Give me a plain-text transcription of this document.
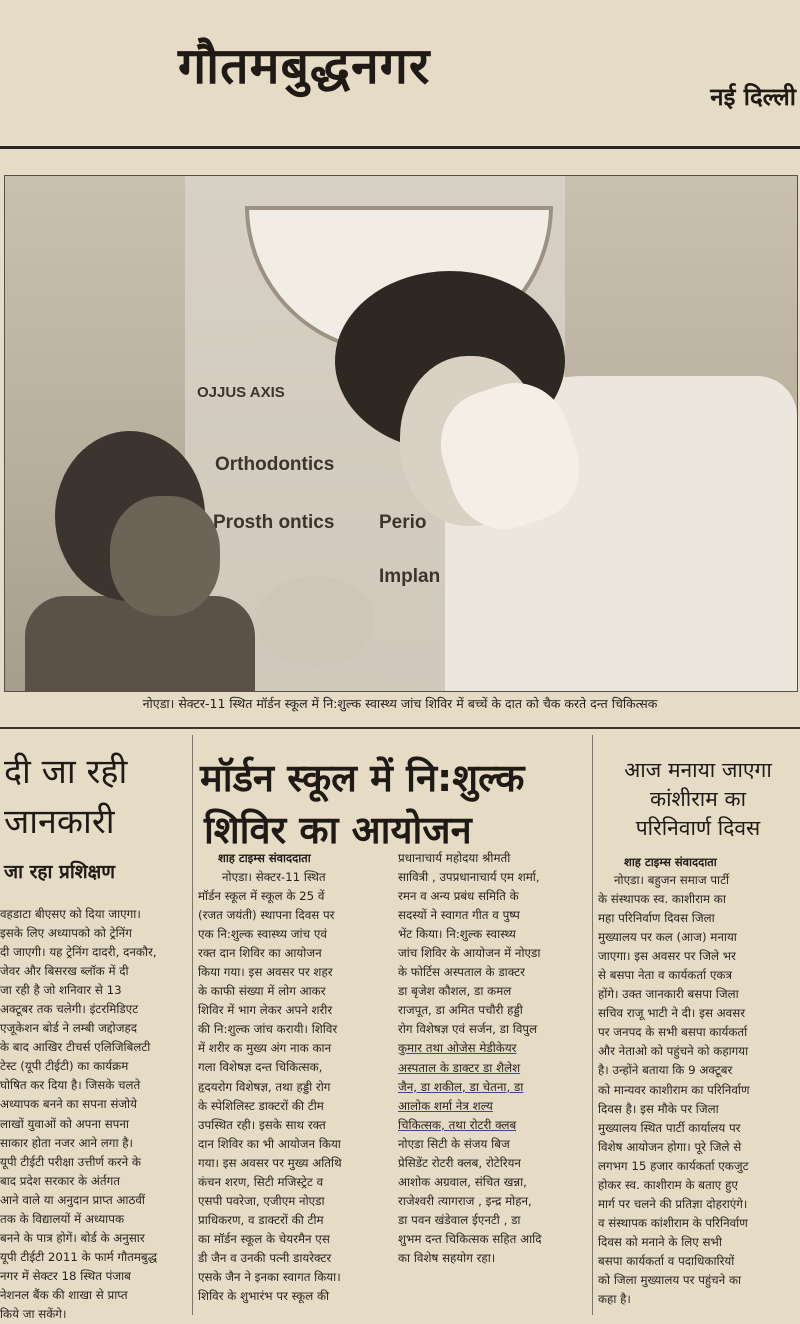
गौतमबुद्धनगर
नई दिल्ली
OJJUS AXIS
Orthodontics
Prosth ontics Perio
Implan
नोएडा। सेक्टर-11 स्थित मॉर्डन स्कूल में नि:शुल्क स्वास्थ्य जांच शिविर में बच्चें के दात को चैक करते दन्त चिकित्सक
दी जा रही
जानकारी
जा रहा प्रशिक्षण
वहडाटा बीएसए को दिया जाएगा।
इसके लिए अध्यापको को ट्रेनिंग
दी जाएगी। यह ट्रेनिंग दादरी, दनकौर,
जेवर और बिसरख ब्लॉक में दी
जा रही है जो शनिवार से 13
अक्टूबर तक चलेगी। इंटरमिडिएट
एजूकेशन बोर्ड ने लम्बी जद्दोजहद
के बाद आखिर टीचर्स एलिजिबिलटी
टेस्ट (यूपी टीईटी) का कार्यक्रम
घोषित कर दिया है। जिसके चलते
अध्यापक बनने का सपना संजोये
लाखों युवाओं को अपना सपना
साकार होता नजर आने लगा है।
यूपी टीईटी परीक्षा उत्तीर्ण करने के
बाद प्रदेश सरकार के अंर्तगत
आने वाले या अनुदान प्राप्त आठवीं
तक के विद्यालयों में अध्यापक
बनने के पात्र होगें। बोर्ड के अनुसार
यूपी टीईटी 2011 के फार्म गौतमबुद्ध
नगर में सेक्टर 18 स्थित पंजाब
नेशनल बैंक की शाखा से प्राप्त
किये जा सकेंगे।
मॉर्डन स्कूल में नि:शुल्क
शिविर का आयोजन
शाह टाइम्स संवाददाता
नोएडा। सेक्टर-11 स्थित
मॉर्डन स्कूल में स्कूल के 25 वें
(रजत जयंती) स्थापना दिवस पर
एक नि:शुल्क स्वास्थ्य जांच एवं
रक्त दान शिविर का आयोजन
किया गया। इस अवसर पर शहर
के काफी संख्या में लोग आकर
शिविर में भाग लेकर अपने शरीर
की नि:शुल्क जांच करायी। शिविर
में शरीर क मुख्य अंग नाक कान
गला विशेषज्ञ दन्त चिकित्सक,
हृदयरोग विशेषज्ञ, तथा हड्डी रोग
के स्पेशिलिस्ट डाक्टरों की टीम
उपस्थित रही। इसके साथ रक्त
दान शिविर का भी आयोजन किया
गया। इस अवसर पर मुख्य अतिथि
कंचन शरण, सिटी मजिस्ट्रेट व
एसपी पवरेजा, एजीएम नोएडा
प्राधिकरण, व डाक्टरों की टीम
का मॉर्डन स्कूल के चेयरमैन एस
डी जैन व उनकी पत्नी डायरेक्टर
एसके जैन ने इनका स्वागत किया।
शिविर के शुभारंभ पर स्कूल की
प्रधानाचार्य महोदया श्रीमती
सावित्री , उपप्रधानाचार्य एम शर्मा,
रमन व अन्य प्रबंध समिति के
सदस्यों ने स्वागत गीत व पुष्प
भेंट किया। नि:शुल्क स्वास्थ्य
जांच शिविर के आयोजन में नोएडा
के फोर्टिस अस्पताल के डाक्टर
डा बृजेश कौशल, डा कमल
राजपूत, डा अमित पचौरी हड्डी
रोग विशेषज्ञ एवं सर्जन, डा विपुल
कुमार तथा ओजेस मेडीकेयर
अस्पताल के डाक्टर डा शैलेश
जैन, डा शकील, डा चेतना, डा
आलोक शर्मा नेत्र शल्य
चिकित्सक, तथा रोटरी क्लब
नोएडा सिटी के संजय बिज
प्रेसिडेंट रोटरी क्लब, रोटेरियन
आशोक अग्रवाल, संचित खन्ना,
राजेश्वरी त्यागराज , इन्द्र मोहन,
डा पवन खंडेवाल ईएनटी , डा
शुभम दन्त चिकित्सक सहित आदि
का विशेष सहयोग रहा।
आज मनाया जाएगा
कांशीराम का
परिनिवार्ण दिवस
शाह टाइम्स संवाददाता
नोएडा। बहुजन समाज पार्टी
के संस्थापक स्व. काशीराम का
महा परिनिर्वाण दिवस जिला
मुख्यालय पर कल (आज) मनाया
जाएगा। इस अवसर पर जिले भर
से बसपा नेता व कार्यकर्ता एकत्र
होंगे। उक्त जानकारी बसपा जिला
सचिव राजू भाटी ने दी। इस अवसर
पर जनपद के सभी बसपा कार्यकर्ता
और नेताओ को पहुंचने को कहागया
है। उन्होंने बताया कि 9 अक्टूबर
को मान्यवर काशीराम का परिनिर्वाण
दिवस है। इस मौके पर जिला
मुख्यालय स्थित पार्टी कार्यालय पर
विशेष आयोजन होगा। पूरे जिले से
लगभग 15 हजार कार्यकर्ता एकजुट
होकर स्व. काशीराम के बताए हुए
मार्ग पर चलने की प्रतिज्ञा दोहराएंगे।
व संस्थापक कांशीराम के परिनिर्वाण
दिवस को मनाने के लिए सभी
बसपा कार्यकर्ता व पदाधिकारियों
को जिला मुख्यालय पर पहुंचने का
कहा है।
